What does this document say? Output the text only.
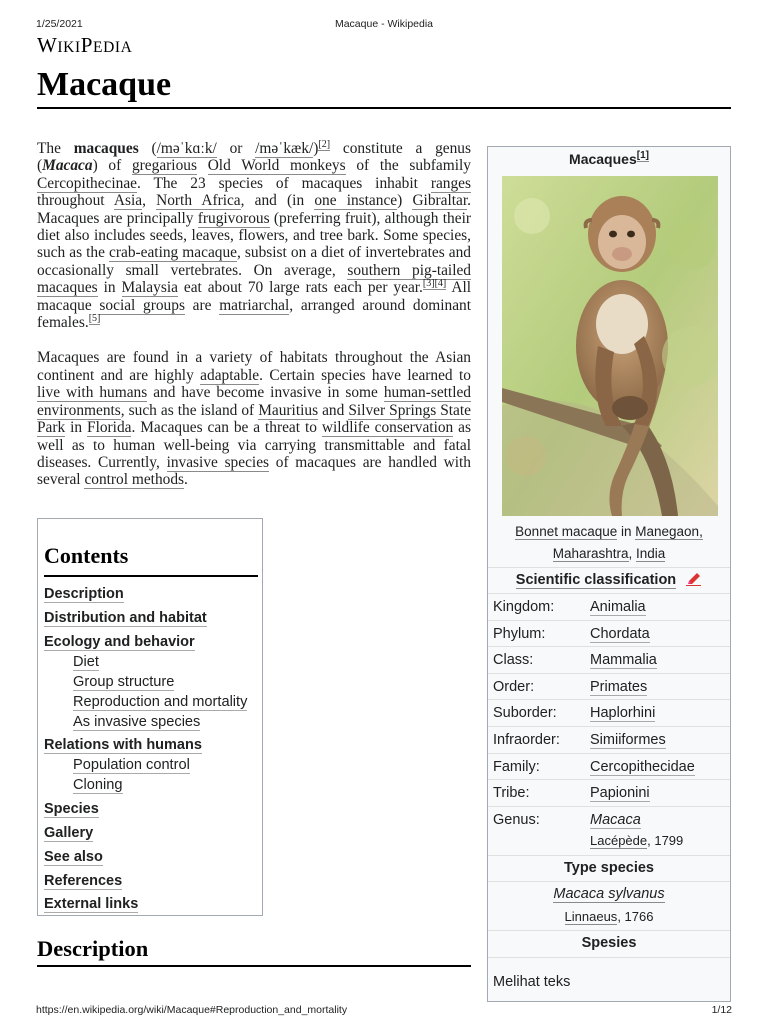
1/25/2021	Macaque - Wikipedia
WIKIPEDIA
Macaque

The macaques (/məˈkɑːk/ or /məˈkæk/)[2] constitute a genus (Macaca) of gregarious Old World monkeys of the subfamily Cercopithecinae. The 23 species of macaques inhabit ranges throughout Asia, North Africa, and (in one instance) Gibraltar. Macaques are principally frugivorous (preferring fruit), although their diet also includes seeds, leaves, flowers, and tree bark. Some species, such as the crab-eating macaque, subsist on a diet of invertebrates and occasionally small vertebrates. On average, southern pig-tailed macaques in Malaysia eat about 70 large rats each per year.[3][4] All macaque social groups are matriarchal, arranged around dominant females.[5]

Macaques are found in a variety of habitats throughout the Asian continent and are highly adaptable. Certain species have learned to live with humans and have become invasive in some human-settled environments, such as the island of Mauritius and Silver Springs State Park in Florida. Macaques can be a threat to wildlife conservation as well as to human well-being via carrying transmittable and fatal diseases. Currently, invasive species of macaques are handled with several control methods.

Contents
Description
Distribution and habitat
Ecology and behavior
Diet
Group structure
Reproduction and mortality
As invasive species
Relations with humans
Population control
Cloning
Species
Gallery
See also
References
External links
Description
Macaques[1]
Bonnet macaque in Manegaon,
Maharashtra, India
Scientific classification
Kingdom: Animalia
Phylum:	Chordata
Class:	Mammalia
Order:	Primates
Suborder: Haplorhini
Infraorder: Simiiformes
Family:	Cercopithecidae
Tribe:	Papionini
Genus:	Macaca
Lacépède, 1799
Type species
Macaca sylvanus
Linnaeus, 1766
Spesies
Melihat teks
https://en.wikipedia.org/wiki/Macaque#Reproduction_and_mortality	1/12
